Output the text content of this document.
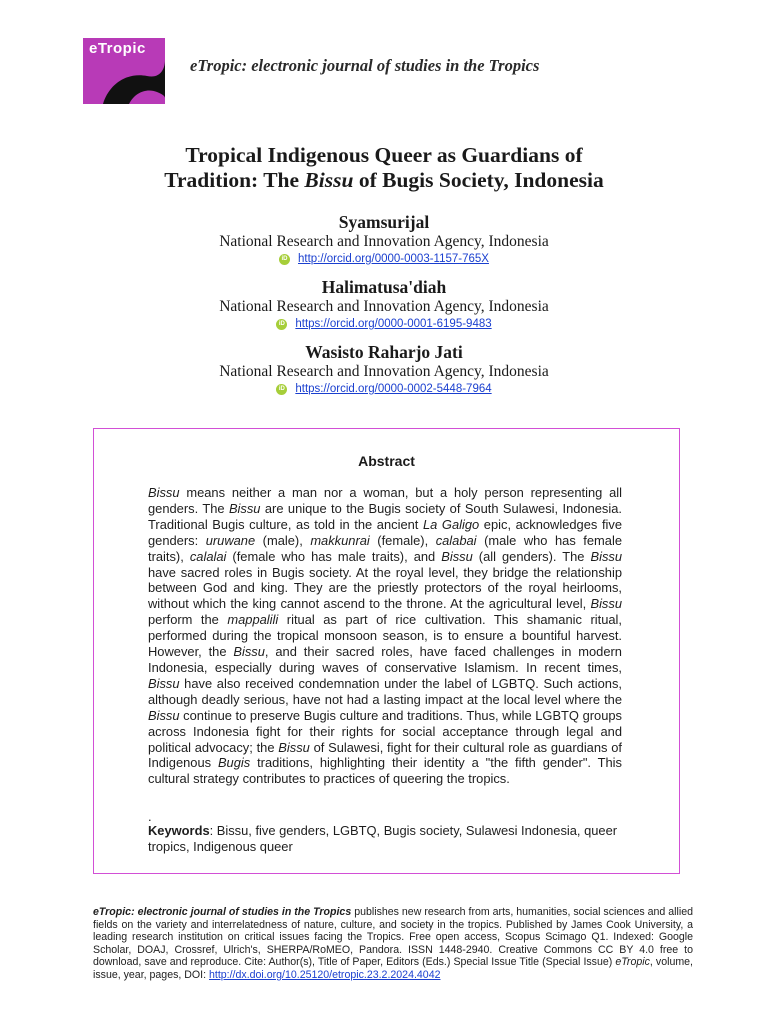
eTropic
eTropic: electronic journal of studies in the Tropics
Tropical Indigenous Queer as Guardians of
Tradition: The Bissu of Bugis Society, Indonesia
Syamsurijal
National Research and Innovation Agency, Indonesia
iD http://orcid.org/0000-0003-1157-765X
Halimatusa'diah
National Research and Innovation Agency, Indonesia
iD https://orcid.org/0000-0001-6195-9483
Wasisto Raharjo Jati
National Research and Innovation Agency, Indonesia
iD https://orcid.org/0000-0002-5448-7964
Abstract
Bissu means neither a man nor a woman, but a holy person representing all genders. The Bissu are unique to the Bugis society of South Sulawesi, Indonesia. Traditional Bugis culture, as told in the ancient La Galigo epic, acknowledges five genders: uruwane (male), makkunrai (female), calabai (male who has female traits), calalai (female who has male traits), and Bissu (all genders). The Bissu have sacred roles in Bugis society. At the royal level, they bridge the relationship between God and king. They are the priestly protectors of the royal heirlooms, without which the king cannot ascend to the throne. At the agricultural level, Bissu perform the mappalili ritual as part of rice cultivation. This shamanic ritual, performed during the tropical monsoon season, is to ensure a bountiful harvest. However, the Bissu, and their sacred roles, have faced challenges in modern Indonesia, especially during waves of conservative Islamism. In recent times, Bissu have also received condemnation under the label of LGBTQ. Such actions, although deadly serious, have not had a lasting impact at the local level where the Bissu continue to preserve Bugis culture and traditions. Thus, while LGBTQ groups across Indonesia fight for their rights for social acceptance through legal and political advocacy; the Bissu of Sulawesi, fight for their cultural role as guardians of Indigenous Bugis traditions, highlighting their identity a "the fifth gender". This cultural strategy contributes to practices of queering the tropics.
.
Keywords: Bissu, five genders, LGBTQ, Bugis society, Sulawesi Indonesia, queer tropics, Indigenous queer
eTropic: electronic journal of studies in the Tropics publishes new research from arts, humanities, social sciences and allied fields on the variety and interrelatedness of nature, culture, and society in the tropics. Published by James Cook University, a leading research institution on critical issues facing the Tropics. Free open access, Scopus Scimago Q1. Indexed: Google Scholar, DOAJ, Crossref, Ulrich's, SHERPA/RoMEO, Pandora. ISSN 1448-2940. Creative Commons CC BY 4.0 free to download, save and reproduce. Cite: Author(s), Title of Paper, Editors (Eds.) Special Issue Title (Special Issue) eTropic, volume, issue, year, pages, DOI: http://dx.doi.org/10.25120/etropic.23.2.2024.4042
